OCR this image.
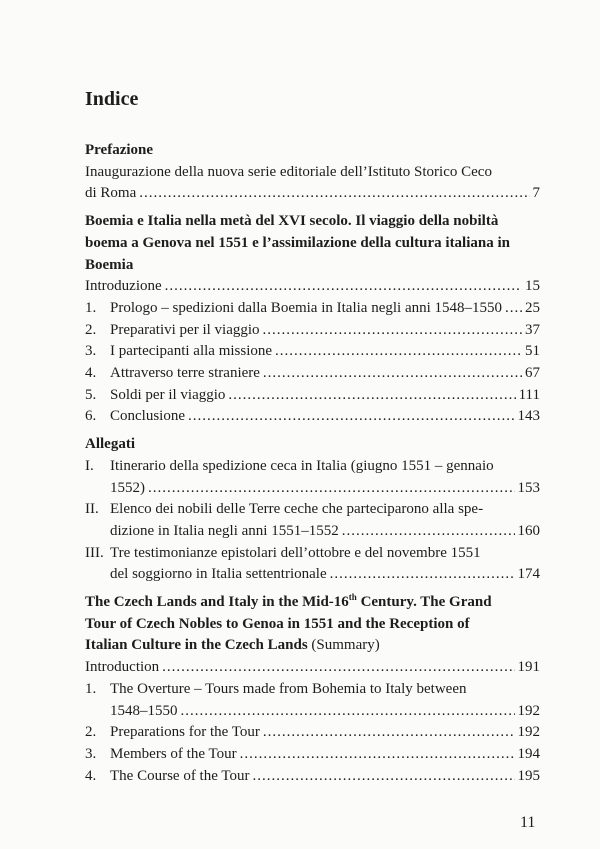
Indice
Prefazione
Inaugurazione della nuova serie editoriale dell’Istituto Storico Ceco
di Roma .....	7
Boemia e Italia nella metà del XVI secolo. Il viaggio della nobiltà
boema a Genova nel 1551 e l’assimilazione della cultura italiana in
Boemia
Introduzione .....	15
1. Prologo – spedizioni dalla Boemia in Italia negli anni 1548–1550 ..... 25
2. Preparativi per il viaggio .....	37
3. I partecipanti alla missione .....	51
4. Attraverso terre straniere .....	67
5. Soldi per il viaggio .....	111
6. Conclusione .....	143
Allegati
I.	Itinerario della spedizione ceca in Italia (giugno 1551 – gennaio
1552) .....	153
II. Elenco dei nobili delle Terre ceche che parteciparono alla spe-
dizione in Italia negli anni 1551–1552 .....	160
III. Tre testimonianze epistolari dell’ottobre e del novembre 1551
del soggiorno in Italia settentrionale .....	174
The Czech Lands and Italy in the Mid-16th Century. The Grand
Tour of Czech Nobles to Genoa in 1551 and the Reception of
Italian Culture in the Czech Lands (Summary)
Introduction .....	191
1. The Overture – Tours made from Bohemia to Italy between
1548–1550 .....	192
2. Preparations for the Tour .....	192
3. Members of the Tour .....	194
4. The Course of the Tour .....	195
11
